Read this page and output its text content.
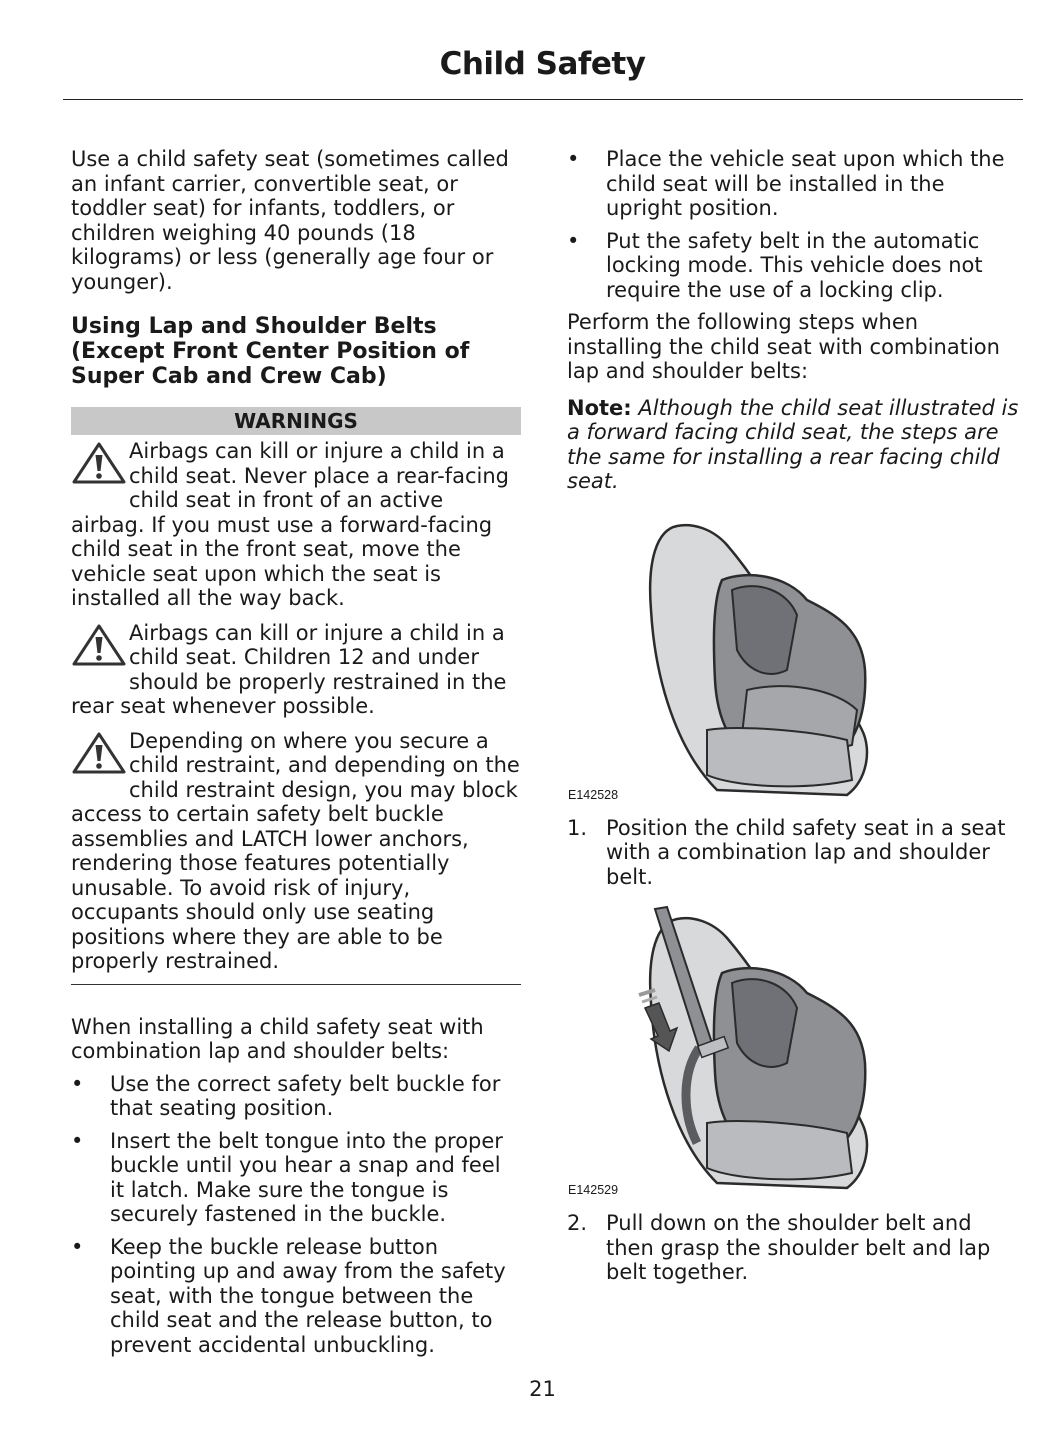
Child Safety

Use a child safety seat (sometimes called an infant carrier, convertible seat, or toddler seat) for infants, toddlers, or children weighing 40 pounds (18 kilograms) or less (generally age four or younger).

Using Lap and Shoulder Belts (Except Front Center Position of Super Cab and Crew Cab)
WARNINGS

Airbags can kill or injure a child in a child seat. Never place a rear-facing child seat in front of an active airbag. If you must use a forward-facing child seat in the front seat, move the vehicle seat upon which the seat is installed all the way back.

Airbags can kill or injure a child in a child seat. Children 12 and under should be properly restrained in the rear seat whenever possible.

Depending on where you secure a child restraint, and depending on the child restraint design, you may block access to certain safety belt buckle assemblies and LATCH lower anchors, rendering those features potentially unusable. To avoid risk of injury, occupants should only use seating positions where they are able to be properly restrained.

When installing a child safety seat with combination lap and shoulder belts:

• Use the correct safety belt buckle for that seating position.
• Insert the belt tongue into the proper buckle until you hear a snap and feel it latch. Make sure the tongue is securely fastened in the buckle.
• Keep the buckle release button pointing up and away from the safety seat, with the tongue between the child seat and the release button, to prevent accidental unbuckling.
• Place the vehicle seat upon which the child seat will be installed in the upright position.
• Put the safety belt in the automatic locking mode. This vehicle does not require the use of a locking clip.

Perform the following steps when installing the child seat with combination lap and shoulder belts:

Note: Although the child seat illustrated is a forward facing child seat, the steps are the same for installing a rear facing child seat.

E142528
1. Position the child safety seat in a seat with a combination lap and shoulder belt.
E142529
2. Pull down on the shoulder belt and then grasp the shoulder belt and lap belt together.
21
